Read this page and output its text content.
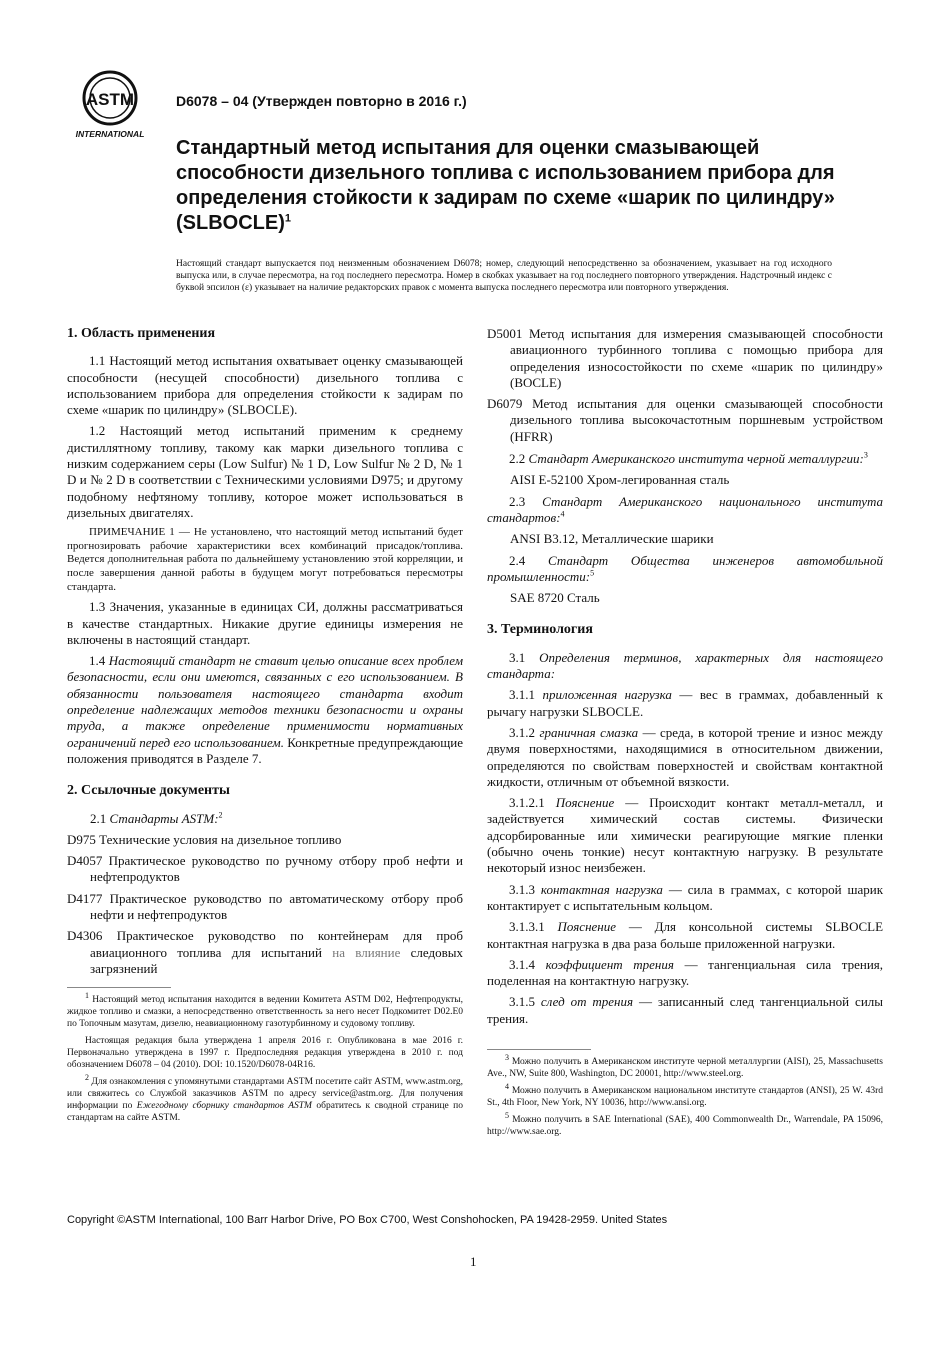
ASTM
INTERNATIONAL
D6078 – 04 (Утвержден повторно в 2016 г.)
Стандартный метод испытания для оценки смазывающей способности дизельного топлива с использованием прибора для определения стойкости к задирам по схеме «шарик по цилиндру» (SLBOCLE)$^1$
Настоящий стандарт выпускается под неизменным обозначением D6078; номер, следующий непосредственно за обозначением, указывает на год исходного выпуска или, в случае пересмотра, на год последнего пересмотра. Номер в скобках указывает на год последнего повторного утверждения. Надстрочный индекс с буквой эпсилон (ε) указывает на наличие редакторских правок с момента выпуска последнего пересмотра или повторного утверждения.
1. Область применения

1.1 Настоящий метод испытания охватывает оценку смазывающей способности (несущей способности) дизельного топлива с использованием прибора для определения стойкости к задирам по схеме «шарик по цилиндру» (SLBOCLE).

1.2 Настоящий метод испытаний применим к среднему дистиллятному топливу, такому как марки дизельного топлива с низким содержанием серы (Low Sulfur) № 1 D, Low Sulfur № 2 D, № 1 D и № 2 D в соответствии с Техническими условиями D975; и другому подобному нефтяному топливу, которое может использоваться в дизельных двигателях.

ПРИМЕЧАНИЕ 1 — Не установлено, что настоящий метод испытаний будет прогнозировать рабочие характеристики всех комбинаций присадок/топлива. Ведется дополнительная работа по дальнейшему установлению этой корреляции, и после завершения данной работы в будущем могут потребоваться пересмотры стандарта.

1.3 Значения, указанные в единицах СИ, должны рассматриваться в качестве стандартных. Никакие другие единицы измерения не включены в настоящий стандарт.

1.4 Настоящий стандарт не ставит целью описание всех проблем безопасности, если они имеются, связанных с его использованием. В обязанности пользователя настоящего стандарта входит определение надлежащих методов техники безопасности и охраны труда, а также определение применимости нормативных ограничений перед его использованием. Конкретные предупреждающие положения приводятся в Разделе 7.

2. Ссылочные документы

2.1 Стандарты ASTM:$^2$

D975 Технические условия на дизельное топливо

D4057 Практическое руководство по ручному отбору проб нефти и нефтепродуктов

D4177 Практическое руководство по автоматическому отбору проб нефти и нефтепродуктов

D4306 Практическое руководство по контейнерам для проб авиационного топлива для испытаний на влияние следовых загрязнений

$^1$ Настоящий метод испытания находится в ведении Комитета ASTM D02, Нефтепродукты, жидкое топливо и смазки, а непосредственно ответственность за него несет Подкомитет D02.E0 по Топочным мазутам, дизелю, неавиационному газотурбинному и судовому топливу.

Настоящая редакция была утверждена 1 апреля 2016 г. Опубликована в мае 2016 г. Первоначально утверждена в 1997 г. Предпоследняя редакция утверждена в 2010 г. под обозначением D6078 – 04 (2010). DOI: 10.1520/D6078-04R16.

$^2$ Для ознакомления с упомянутыми стандартами ASTM посетите сайт ASTM, www.astm.org, или свяжитесь со Службой заказчиков ASTM по адресу service@astm.org. Для получения информации по Ежегодному сборнику стандартов ASTM обратитесь к сводной странице по стандартам на сайте ASTM.

D5001 Метод испытания для измерения смазывающей способности авиационного турбинного топлива с помощью прибора для определения износостойкости по схеме «шарик по цилиндру» (BOCLE)

D6079 Метод испытания для оценки смазывающей способности дизельного топлива высокочастотным поршневым устройством (HFRR)

2.2 Стандарт Американского института черной металлургии:$^3$

AISI E-52100 Хром-легированная сталь

2.3 Стандарт Американского национального института стандартов:$^4$

ANSI B3.12, Металлические шарики

2.4 Стандарт Общества инженеров автомобильной промышленности:$^5$

SAE 8720 Сталь

3. Терминология

3.1 Определения терминов, характерных для настоящего стандарта:

3.1.1 приложенная нагрузка — вес в граммах, добавленный к рычагу нагрузки SLBOCLE.

3.1.2 граничная смазка — среда, в которой трение и износ между двумя поверхностями, находящимися в относительном движении, определяются по свойствам поверхностей и свойствам контактной жидкости, отличным от объемной вязкости.

3.1.2.1 Пояснение — Происходит контакт металл-металл, и задействуется химический состав системы. Физически адсорбированные или химически реагирующие мягкие пленки (обычно очень тонкие) несут контактную нагрузку. В результате некоторый износ неизбежен.

3.1.3 контактная нагрузка — сила в граммах, с которой шарик контактирует с испытательным кольцом.

3.1.3.1 Пояснение — Для консольной системы SLBOCLE контактная нагрузка в два раза больше приложенной нагрузки.

3.1.4 коэффициент трения — тангенциальная сила трения, поделенная на контактную нагрузку.

3.1.5 след от трения — записанный след тангенциальной силы трения.

$^3$ Можно получить в Американском институте черной металлургии (AISI), 25, Massachusetts Ave., NW, Suite 800, Washington, DC 20001, http://www.steel.org.

$^4$ Можно получить в Американском национальном институте стандартов (ANSI), 25 W. 43rd St., 4th Floor, New York, NY 10036, http://www.ansi.org.

$^5$ Можно получить в SAE International (SAE), 400 Commonwealth Dr., Warrendale, PA 15096, http://www.sae.org.

Copyright ©ASTM International, 100 Barr Harbor Drive, PO Box C700, West Conshohocken, PA 19428-2959. United States
1
